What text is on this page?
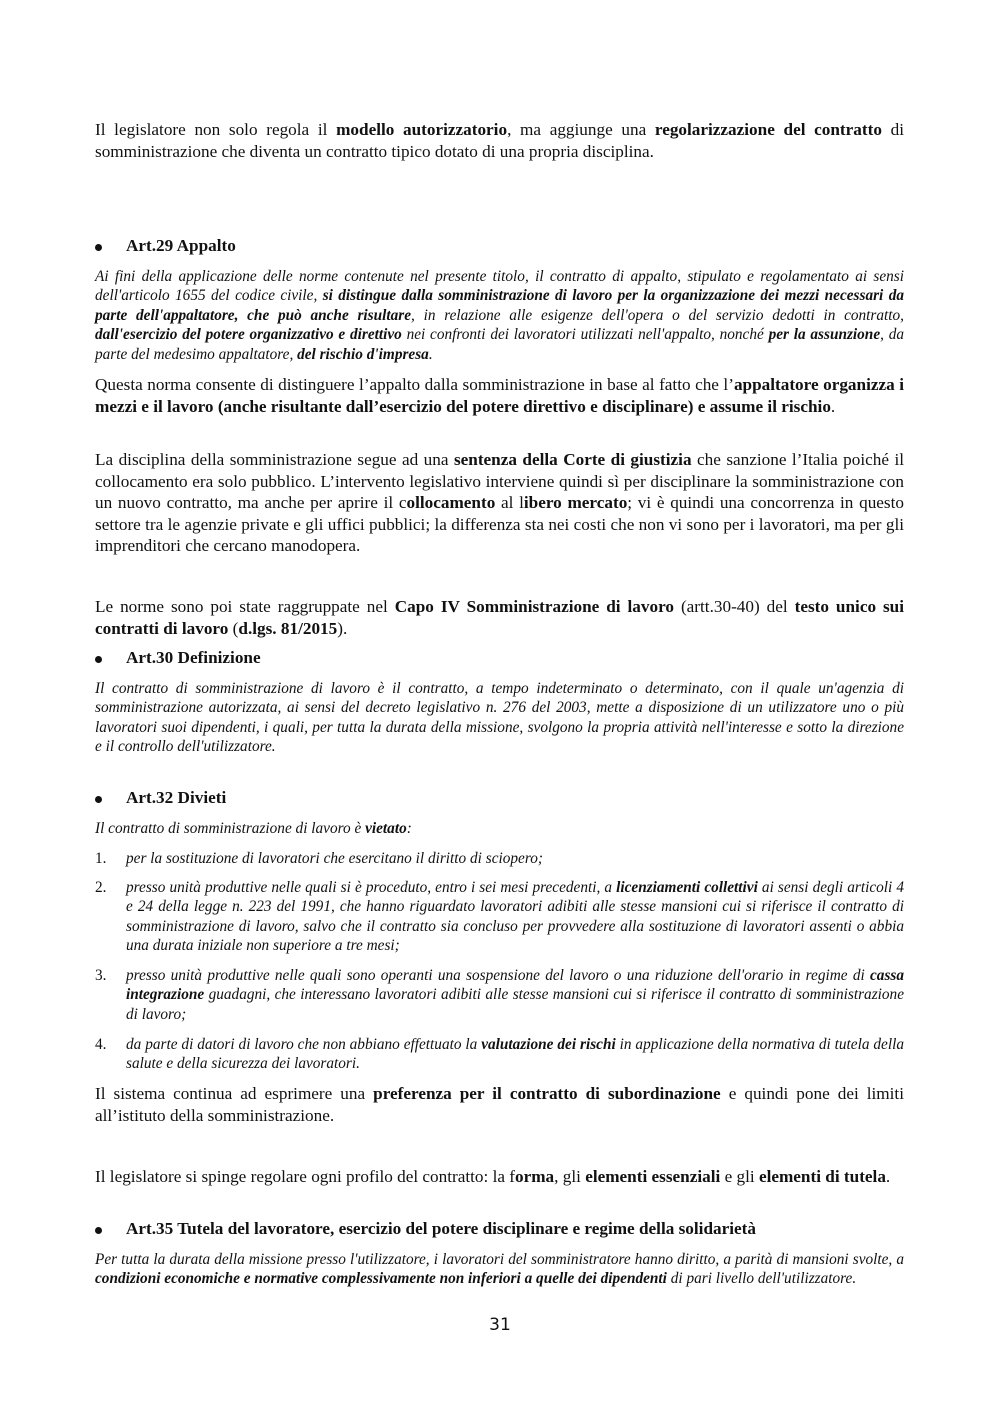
Il legislatore non solo regola il modello autorizzatorio, ma aggiunge una regolarizzazione del contratto di somministrazione che diventa un contratto tipico dotato di una propria disciplina.

Art.29 Appalto

Ai fini della applicazione delle norme contenute nel presente titolo, il contratto di appalto, stipulato e regolamentato ai sensi dell'articolo 1655 del codice civile, si distingue dalla somministrazione di lavoro per la organizzazione dei mezzi necessari da parte dell'appaltatore, che può anche risultare, in relazione alle esigenze dell'opera o del servizio dedotti in contratto, dall'esercizio del potere organizzativo e direttivo nei confronti dei lavoratori utilizzati nell'appalto, nonché per la assunzione, da parte del medesimo appaltatore, del rischio d'impresa.

Questa norma consente di distinguere l’appalto dalla somministrazione in base al fatto che l’appaltatore organizza i mezzi e il lavoro (anche risultante dall’esercizio del potere direttivo e disciplinare) e assume il rischio.

La disciplina della somministrazione segue ad una sentenza della Corte di giustizia che sanzione l’Italia poiché il collocamento era solo pubblico. L’intervento legislativo interviene quindi sì per disciplinare la somministrazione con un nuovo contratto, ma anche per aprire il collocamento al libero mercato; vi è quindi una concorrenza in questo settore tra le agenzie private e gli uffici pubblici; la differenza sta nei costi che non vi sono per i lavoratori, ma per gli imprenditori che cercano manodopera.

Le norme sono poi state raggruppate nel Capo IV Somministrazione di lavoro (artt.30-40) del testo unico sui contratti di lavoro (d.lgs. 81/2015).

Art.30 Definizione

Il contratto di somministrazione di lavoro è il contratto, a tempo indeterminato o determinato, con il quale un'agenzia di somministrazione autorizzata, ai sensi del decreto legislativo n. 276 del 2003, mette a disposizione di un utilizzatore uno o più lavoratori suoi dipendenti, i quali, per tutta la durata della missione, svolgono la propria attività nell'interesse e sotto la direzione e il controllo dell'utilizzatore.

Art.32 Divieti

Il contratto di somministrazione di lavoro è vietato:

1. per la sostituzione di lavoratori che esercitano il diritto di sciopero;
2. presso unità produttive nelle quali si è proceduto, entro i sei mesi precedenti, a licenziamenti collettivi ai sensi degli articoli 4 e 24 della legge n. 223 del 1991, che hanno riguardato lavoratori adibiti alle stesse mansioni cui si riferisce il contratto di somministrazione di lavoro, salvo che il contratto sia concluso per provvedere alla sostituzione di lavoratori assenti o abbia una durata iniziale non superiore a tre mesi;
3. presso unità produttive nelle quali sono operanti una sospensione del lavoro o una riduzione dell'orario in regime di cassa integrazione guadagni, che interessano lavoratori adibiti alle stesse mansioni cui si riferisce il contratto di somministrazione di lavoro;
4. da parte di datori di lavoro che non abbiano effettuato la valutazione dei rischi in applicazione della normativa di tutela della salute e della sicurezza dei lavoratori.

Il sistema continua ad esprimere una preferenza per il contratto di subordinazione e quindi pone dei limiti all’istituto della somministrazione.

Il legislatore si spinge regolare ogni profilo del contratto: la forma, gli elementi essenziali e gli elementi di tutela.

Art.35 Tutela del lavoratore, esercizio del potere disciplinare e regime della solidarietà

Per tutta la durata della missione presso l'utilizzatore, i lavoratori del somministratore hanno diritto, a parità di mansioni svolte, a condizioni economiche e normative complessivamente non inferiori a quelle dei dipendenti di pari livello dell'utilizzatore.

31
